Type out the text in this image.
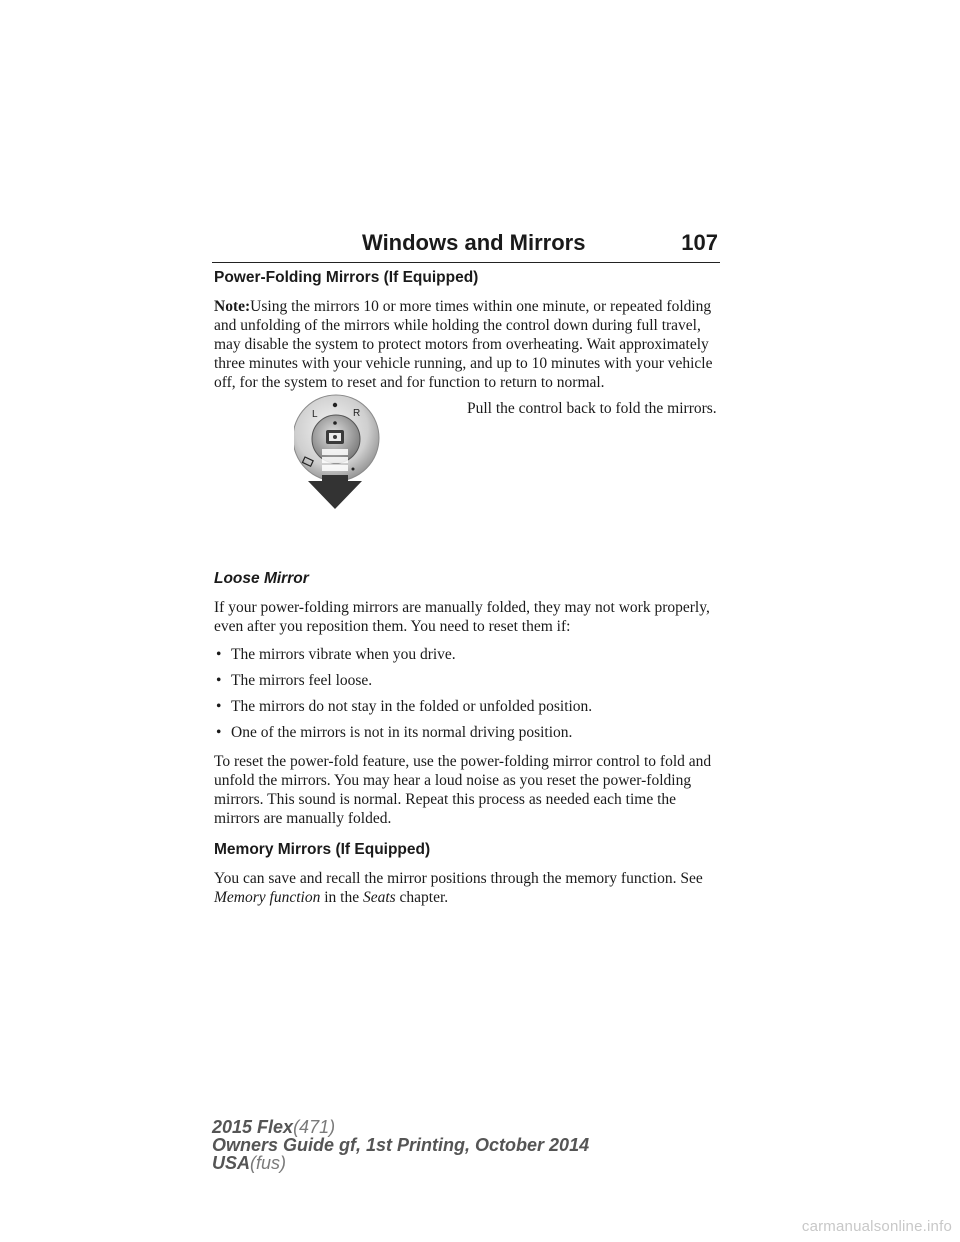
Windows and Mirrors	107
Power-Folding Mirrors (If Equipped)

Note:Using the mirrors 10 or more times within one minute, or repeated folding and unfolding of the mirrors while holding the control down during full travel, may disable the system to protect motors from overheating. Wait approximately three minutes with your vehicle running, and up to 10 minutes with your vehicle off, for the system to reset and for function to return to normal.

L	R	Pull the control back to fold the mirrors.

Loose Mirror

If your power-folding mirrors are manually folded, they may not work properly, even after you reposition them. You need to reset them if:

• The mirrors vibrate when you drive.
• The mirrors feel loose.
• The mirrors do not stay in the folded or unfolded position.
• One of the mirrors is not in its normal driving position.

To reset the power-fold feature, use the power-folding mirror control to fold and unfold the mirrors. You may hear a loud noise as you reset the power-folding mirrors. This sound is normal. Repeat this process as needed each time the mirrors are manually folded.

Memory Mirrors (If Equipped)

You can save and recall the mirror positions through the memory function. See Memory function in the Seats chapter.

2015 Flex(471)
Owners Guide gf, 1st Printing, October 2014
USA(fus)
carmanualsonline.info
